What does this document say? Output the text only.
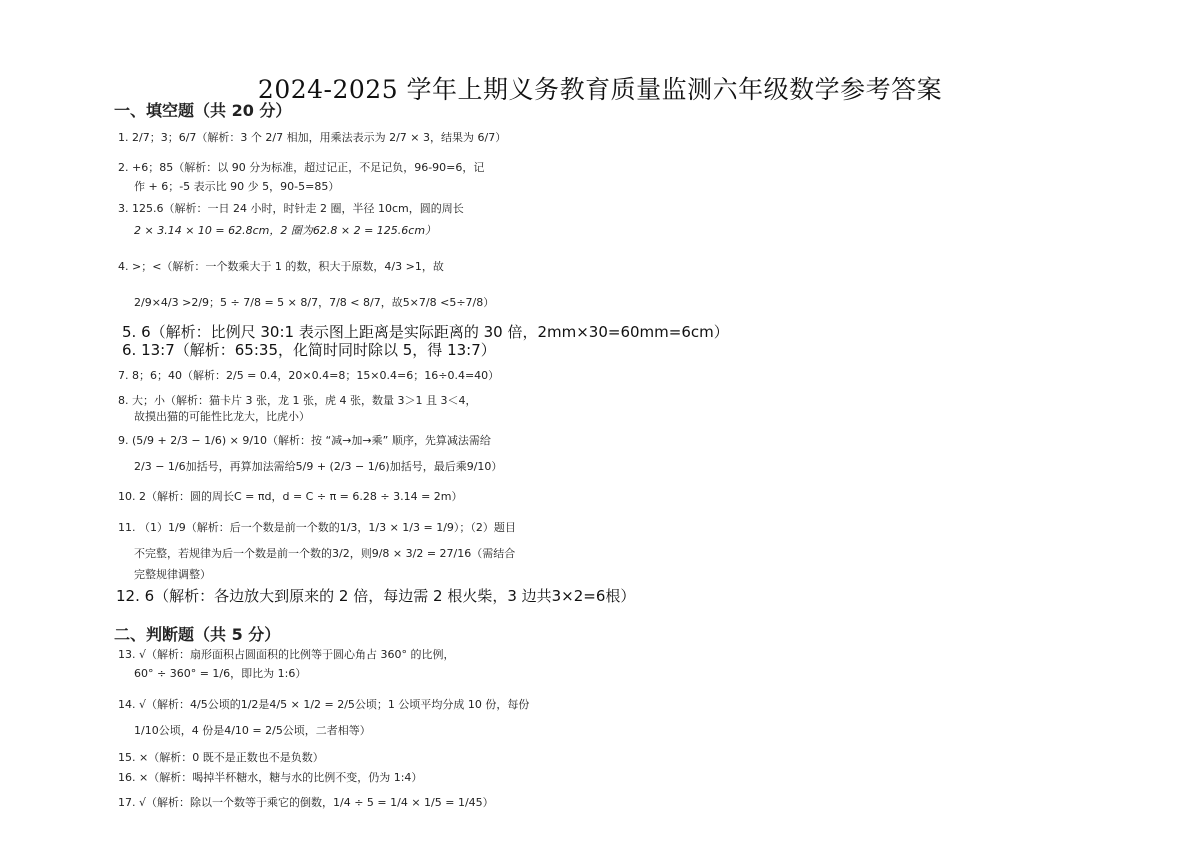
2024-2025 学年上期义务教育质量监测六年级数学参考答案
一、填空题（共 20 分）
1. 2/7；3；6/7（解析：3 个 2/7 相加，用乘法表示为 2/7 × 3，结果为 6/7）
2. +6；85（解析：以 90 分为标准，超过记正，不足记负，96-90=6，记
作 + 6；-5 表示比 90 少 5，90-5=85）
3. 125.6（解析：一日 24 小时，时针走 2 圈，半径 10cm，圆的周长
2 × 3.14 × 10 = 62.8cm，2 圈为62.8 × 2 = 125.6cm）
4. >；<（解析：一个数乘大于 1 的数，积大于原数，4/3 >1，故
2/9×4/3 >2/9；5 ÷ 7/8 = 5 × 8/7，7/8 < 8/7，故5×7/8 <5÷7/8）
5. 6（解析：比例尺 30:1 表示图上距离是实际距离的 30 倍，2mm×30=60mm=6cm）
6. 13:7（解析：65:35，化简时同时除以 5，得 13:7）
7. 8；6；40（解析：2/5 = 0.4，20×0.4=8；15×0.4=6；16÷0.4=40）
8. 大；小（解析：猫卡片 3 张，龙 1 张，虎 4 张，数量 3＞1 且 3＜4，
故摸出猫的可能性比龙大，比虎小）
9. (5/9 + 2/3 − 1/6) × 9/10（解析：按 “减→加→乘” 顺序，先算减法需给
2/3 − 1/6加括号，再算加法需给5/9 + (2/3 − 1/6)加括号，最后乘9/10）
10. 2（解析：圆的周长C = πd，d = C ÷ π = 6.28 ÷ 3.14 = 2m）
11. （1）1/9（解析：后一个数是前一个数的1/3，1/3 × 1/3 = 1/9）；（2）题目
不完整，若规律为后一个数是前一个数的3/2，则9/8 × 3/2 = 27/16（需结合
完整规律调整）
12. 6（解析：各边放大到原来的 2 倍，每边需 2 根火柴，3 边共3×2=6根）
二、判断题（共 5 分）
13. √（解析：扇形面积占圆面积的比例等于圆心角占 360° 的比例，
60° ÷ 360° = 1/6，即比为 1:6）
14. √（解析：4/5公顷的1/2是4/5 × 1/2 = 2/5公顷；1 公顷平均分成 10 份，每份
1/10公顷，4 份是4/10 = 2/5公顷，二者相等）
15. ×（解析：0 既不是正数也不是负数）
16. ×（解析：喝掉半杯糖水，糖与水的比例不变，仍为 1:4）
17. √（解析：除以一个数等于乘它的倒数，1/4 ÷ 5 = 1/4 × 1/5 = 1/45）
